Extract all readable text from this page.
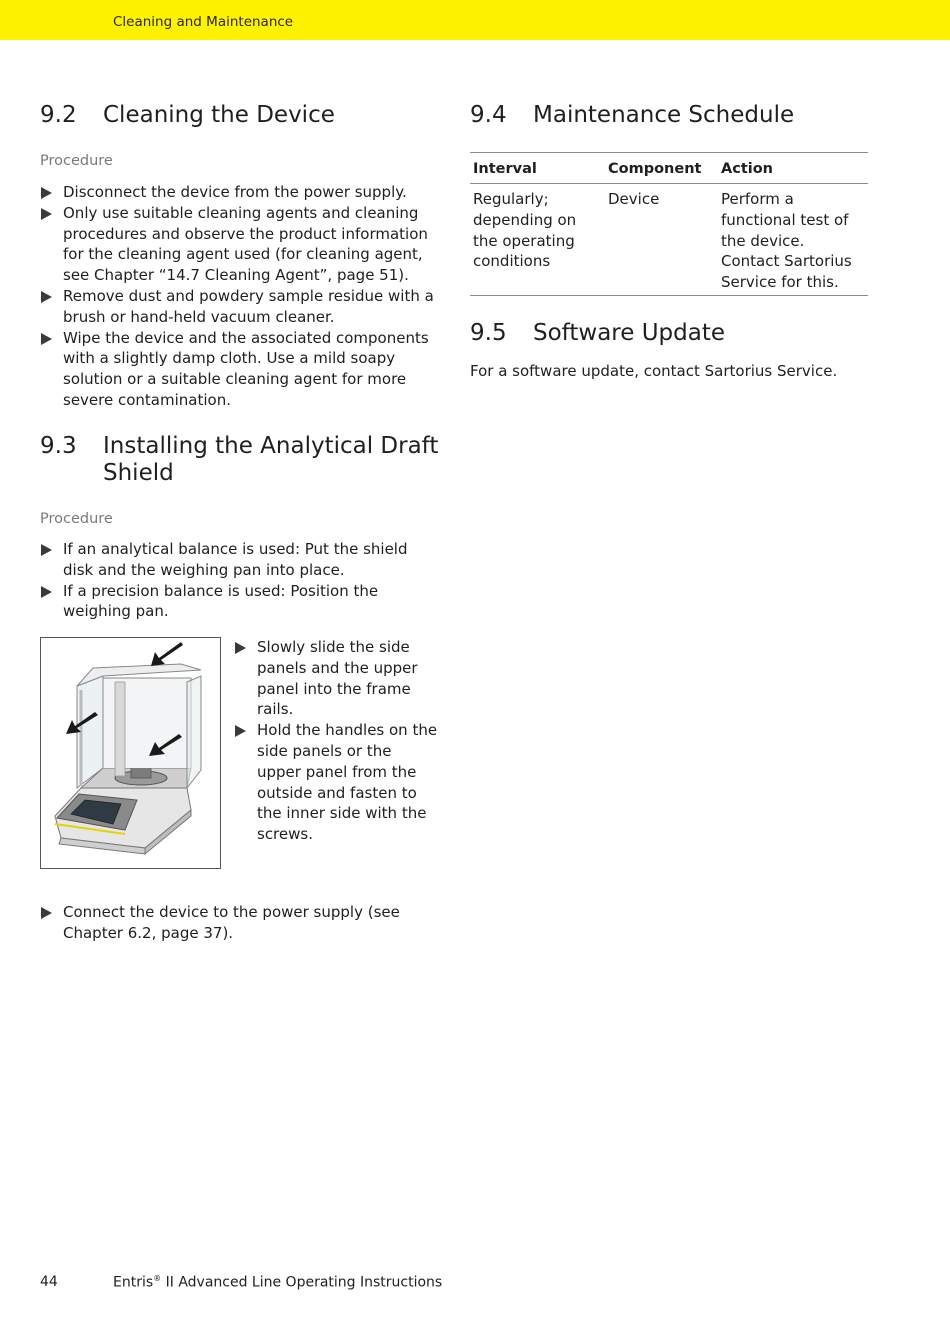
Cleaning and Maintenance
9.2	Cleaning the Device
Procedure
Disconnect the device from the power supply.
Only use suitable cleaning agents and cleaning procedures and observe the product information for the cleaning agent used (for cleaning agent, see Chapter “14.7 Cleaning Agent”, page 51).
Remove dust and powdery sample residue with a brush or hand-held vacuum cleaner.
Wipe the device and the associated components with a slightly damp cloth. Use a mild soapy solution or a suitable cleaning agent for more severe contamination.
9.3	Installing the Analytical Draft Shield
Procedure
If an analytical balance is used: Put the shield disk and the weighing pan into place.
If a precision balance is used: Position the weighing pan.
Slowly slide the side panels and the upper panel into the frame rails.
Hold the handles on the side panels or the upper panel from the outside and fasten to the inner side with the screws.
Connect the device to the power supply (see Chapter 6.2, page 37).
9.4	Maintenance Schedule
Interval	Component	Action
Regularly; depending on the operating conditions	Device	Perform a functional test of the device. Contact Sartorius Service for this.
9.5	Software Update
For a software update, contact Sartorius Service.
44	Entris® II Advanced Line Operating Instructions
